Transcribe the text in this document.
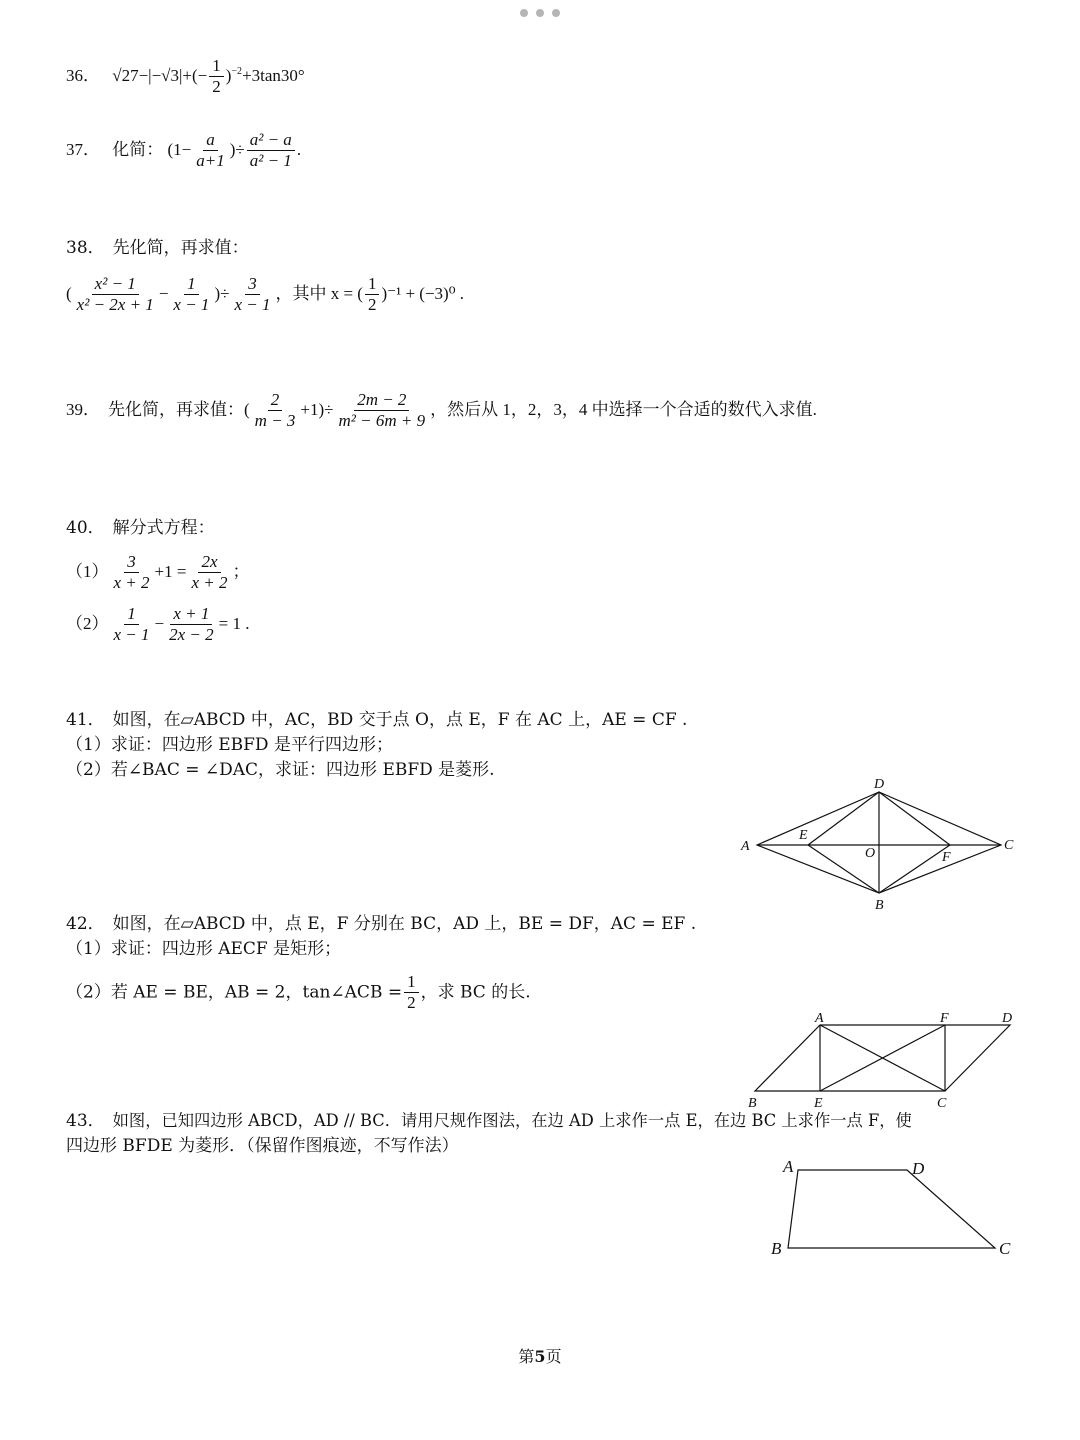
36． $√27-|-√3|+(- \frac{1}{2} )^{-2}+3\tan 30^\circ$
37． 化简： ($1- \frac{a}{a+1}$ )÷ $\frac{\text{a² − a}}{\text{a² − 1}}$ .
38． 先化简，再求值：
( $\frac{\text{x² − 1}}{\text{x² − 2x + 1}} - \frac{1}{x - 1}$ )÷ $\frac{3}{x - 1}$ ，其中 x = ( $\frac{1}{2} )^{-1} + (-3)^0$ .
39． 先化简，再求值：( $\frac{2}{m - 3} +1)\div \frac{2m - 2}{\text{m² − 6m + 9}}$ ，然后从 1，2，3，4 中选择一个合适的数代入求值.
40． 解分式方程：
$(1) \frac{3}{x + 2} +1 = \frac{2x}{x + 2}$ ；
$(2) \frac{1}{x - 1} - \frac{x + 1}{2x - 2} = 1$ .
41． 如图，在▱ABCD 中，AC，BD 交于点 O，点 E，F 在 AC 上，AE = CF .
（1）求证：四边形 EBFD 是平行四边形；
（2）若∠BAC = ∠DAC，求证：四边形 EBFD 是菱形.
D
A	C
B
E
O	F
42． 如图，在▱ABCD 中，点 E，F 分别在 BC，AD 上，BE = DF，AC = EF .
（1）求证：四边形 AECF 是矩形；
（2）若 AE = BE，AB = 2，tan∠ACB = $\frac{1}{2}$ ，求 BC 的长.
A	F	D
B	E	C
43． 如图，已知四边形 ABCD，AD // BC．请用尺规作图法，在边 AD 上求作一点 E，在边 BC 上求作一点 F，使
四边形 BFDE 为菱形．（保留作图痕迹，不写作法）
A	D
B	C
第5页
